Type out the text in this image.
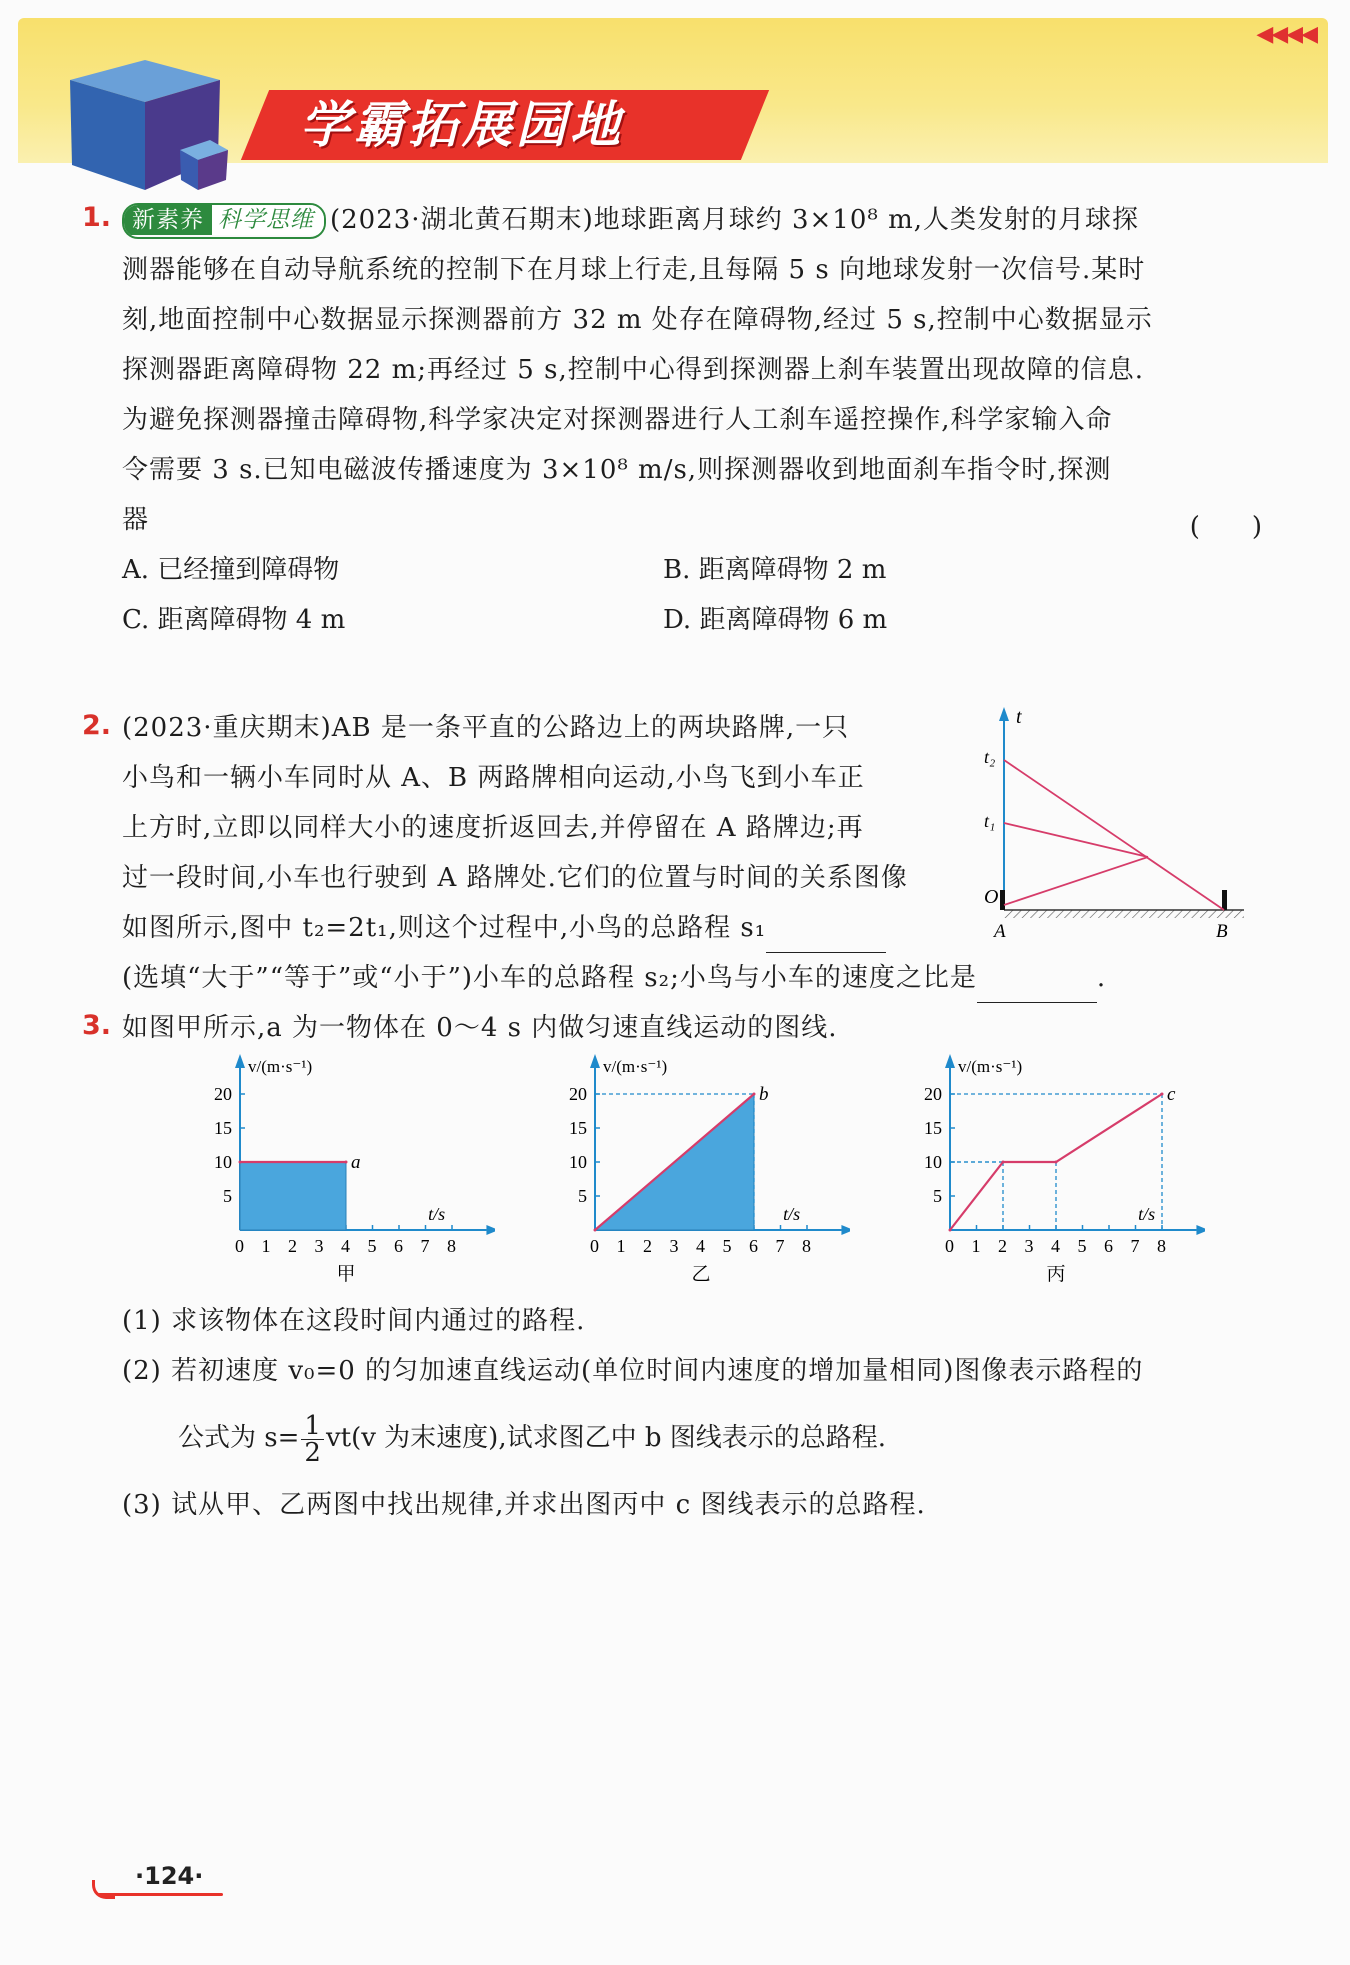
◀◀◀◀
学霸拓展园地
1. 新素养 科学思维 (2023·湖北黄石期末)地球距离月球约 3×10⁸ m,人类发射的月球探
测器能够在自动导航系统的控制下在月球上行走,且每隔 5 s 向地球发射一次信号.某时
刻,地面控制中心数据显示探测器前方 32 m 处存在障碍物,经过 5 s,控制中心数据显示
探测器距离障碍物 22 m;再经过 5 s,控制中心得到探测器上刹车装置出现故障的信息.
为避免探测器撞击障碍物,科学家决定对探测器进行人工刹车遥控操作,科学家输入命
令需要 3 s.已知电磁波传播速度为 3×10⁸ m/s,则探测器收到地面刹车指令时,探测
器	(　　)
A. 已经撞到障碍物	B. 距离障碍物 2 m
C. 距离障碍物 4 m	D. 距离障碍物 6 m
2. (2023·重庆期末)AB 是一条平直的公路边上的两块路牌,一只
小鸟和一辆小车同时从 A、B 两路牌相向运动,小鸟飞到小车正
上方时,立即以同样大小的速度折返回去,并停留在 A 路牌边;再
过一段时间,小车也行驶到 A 路牌处.它们的位置与时间的关系图像
如图所示,图中 t₂=2t₁,则这个过程中,小鸟的总路程 s₁
(选填“大于”“等于”或“小于”)小车的总路程 s₂;小鸟与小车的速度之比是	.
t
t₂
t₁
O
A	B
3. 如图甲所示,a 为一物体在 0～4 s 内做匀速直线运动的图线.
v/(m·s⁻¹)
t/s
0 1 2 3 4 5 6 7 8
5
10
15
20
甲
a
v/(m·s⁻¹)
t/s
0 1 2 3 4 5 6 7 8
5
10
15
20
乙
b
v/(m·s⁻¹)
t/s
0 1 2 3 4 5 6 7 8
5
10
15
20
丙
c
(1) 求该物体在这段时间内通过的路程.
(2) 若初速度 v₀=0 的匀加速直线运动(单位时间内速度的增加量相同)图像表示路程的
公式为 $s= \frac{1}{2} vt(v$ 为末速度),试求图乙中 b 图线表示的总路程.
(3) 试从甲、乙两图中找出规律,并求出图丙中 c 图线表示的总路程.
·124·
